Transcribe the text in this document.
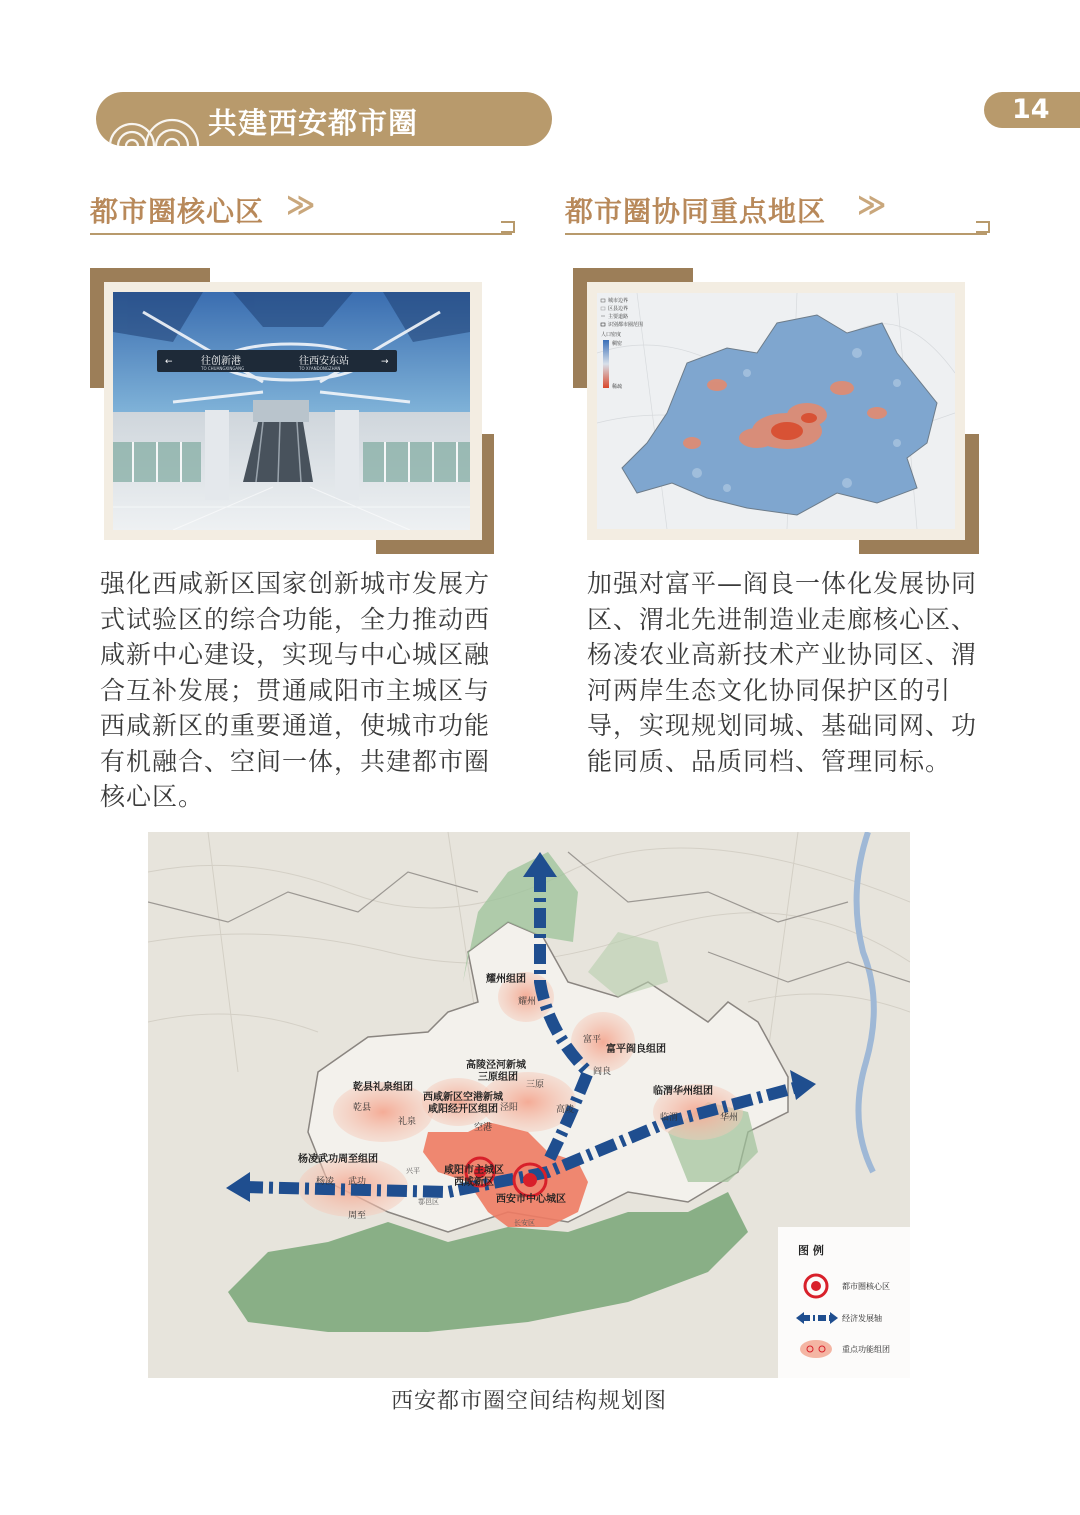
共建西安都市圈	14
都市圈核心区 ≫	都市圈协同重点地区 ≫
←	往创新港
TO CHUANGXINGANG
往西安东站
TO XI'ANDONGZHAN
→
城市边界
区县边界
主要道路
识别都市圈范围
人口密度
稠密
稀疏
强化西咸新区国家创新城市发展方
式试验区的综合功能，全力推动西
咸新中心建设，实现与中心城区融
合互补发展；贯通咸阳市主城区与
西咸新区的重要通道，使城市功能
有机融合、空间一体，共建都市圈
核心区。
加强对富平—阎良一体化发展协同
区、渭北先进制造业走廊核心区、
杨凌农业高新技术产业协同区、渭
河两岸生态文化协同保护区的引
导，实现规划同城、基础同网、功
能同质、品质同档、管理同标。
耀州组团
耀州
富平阎良组团
富平
阎良
高陵泾河新城
三原组团
三原
高陵
乾县礼泉组团
乾县
礼泉
西咸新区空港新城
咸阳经开区组团 泾阳
空港
临渭华州组团
临渭	华州
咸阳市主城区
西咸新区
西安市中心城区
杨凌武功周至组团
杨凌 武功
周至
鄠邑区
长安区
兴平
图 例
都市圈核心区
经济发展轴
重点功能组团
西安都市圈空间结构规划图
